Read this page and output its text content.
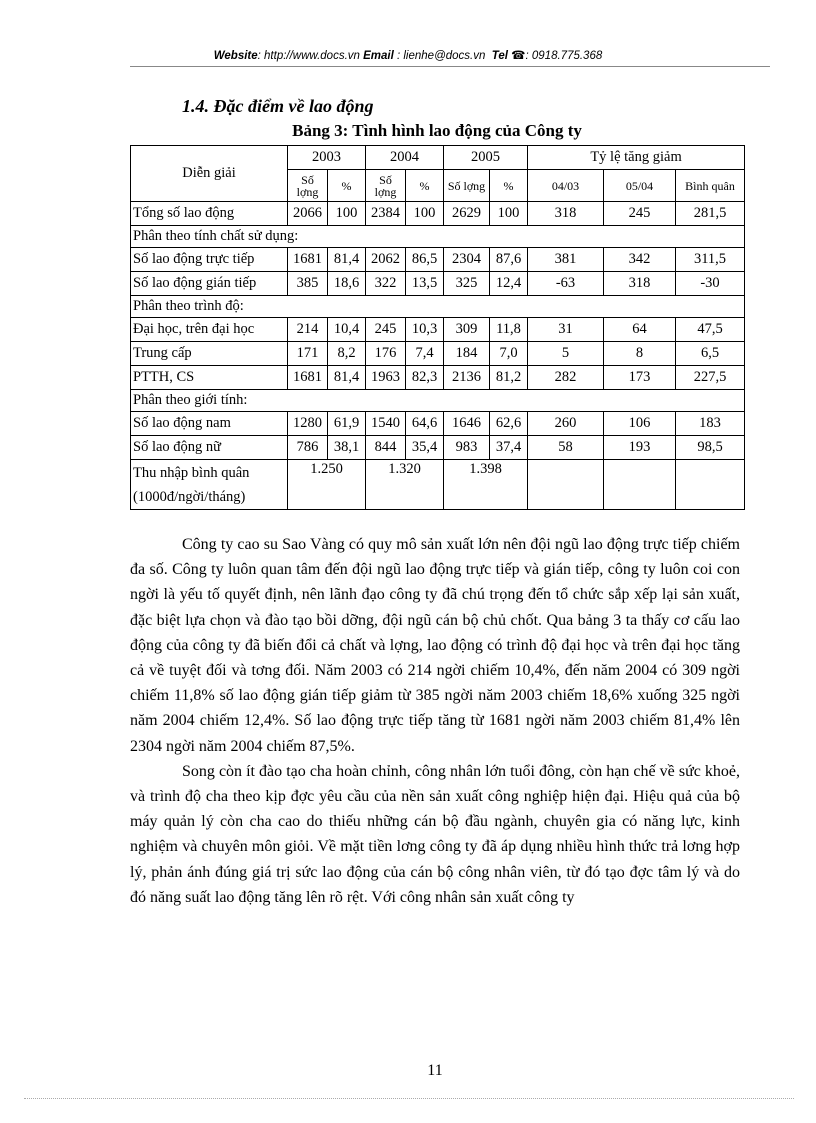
Website: http://www.docs.vn Email : lienhe@docs.vn Tel ☎: 0918.775.368
1.4. Đặc điểm về lao động
Bảng 3: Tình hình lao động của Công ty
Diễn giải	2003		2004		2005		Tỷ lệ tăng giảm		
	Số lợng	%	Số lợng	%	Số lợng	%	04/03	05/04	Bình quân
Tổng số lao động	2066	100	2384	100	2629	100	318	245	281,5
Phân theo tính chất sử dụng:									
Số lao động trực tiếp	1681	81,4	2062	86,5	2304	87,6	381	342	311,5
Số lao động gián tiếp	385	18,6	322	13,5	325	12,4	-63	318	-30
Phân theo trình độ:									
Đại học, trên đại học	214	10,4	245	10,3	309	11,8	31	64	47,5
Trung cấp	171	8,2	176	7,4	184	7,0	5	8	6,5
PTTH, CS	1681	81,4	1963	82,3	2136	81,2	282	173	227,5
Phân theo giới tính:									
Số lao động nam	1280	61,9	1540	64,6	1646	62,6	260	106	183
Số lao động nữ	786	38,1	844	35,4	983	37,4	58	193	98,5
Thu nhập bình quân
(1000đ/ngời/tháng)	1.250		1.320		1.398				

Công ty cao su Sao Vàng có quy mô sản xuất lớn nên đội ngũ lao động trực tiếp chiếm đa số. Công ty luôn quan tâm đến đội ngũ lao động trực tiếp và gián tiếp, công ty luôn coi con ngời là yếu tố quyết định, nên lãnh đạo công ty đã chú trọng đến tổ chức sắp xếp lại sản xuất, đặc biệt lựa chọn và đào tạo bồi dỡng, đội ngũ cán bộ chủ chốt. Qua bảng 3 ta thấy cơ cấu lao động của công ty đã biến đổi cả chất và lợng, lao động có trình độ đại học và trên đại học tăng cả về tuyệt đối và tơng đối. Năm 2003 có 214 ngời chiếm 10,4%, đến năm 2004 có 309 ngời chiếm 11,8% số lao động gián tiếp giảm từ 385 ngời năm 2003 chiếm 18,6% xuống 325 ngời năm 2004 chiếm 12,4%. Số lao động trực tiếp tăng từ 1681 ngời năm 2003 chiếm 81,4% lên 2304 ngời năm 2004 chiếm 87,5%.

Song còn ít đào tạo cha hoàn chỉnh, công nhân lớn tuổi đông, còn hạn chế về sức khoẻ, và trình độ cha theo kịp đợc yêu cầu của nền sản xuất công nghiệp hiện đại. Hiệu quả của bộ máy quản lý còn cha cao do thiếu những cán bộ đầu ngành, chuyên gia có năng lực, kinh nghiệm và chuyên môn giỏi. Về mặt tiền lơng công ty đã áp dụng nhiều hình thức trả lơng hợp lý, phản ánh đúng giá trị sức lao động của cán bộ công nhân viên, từ đó tạo đợc tâm lý và do đó năng suất lao động tăng lên rõ rệt. Với công nhân sản xuất công ty

11
